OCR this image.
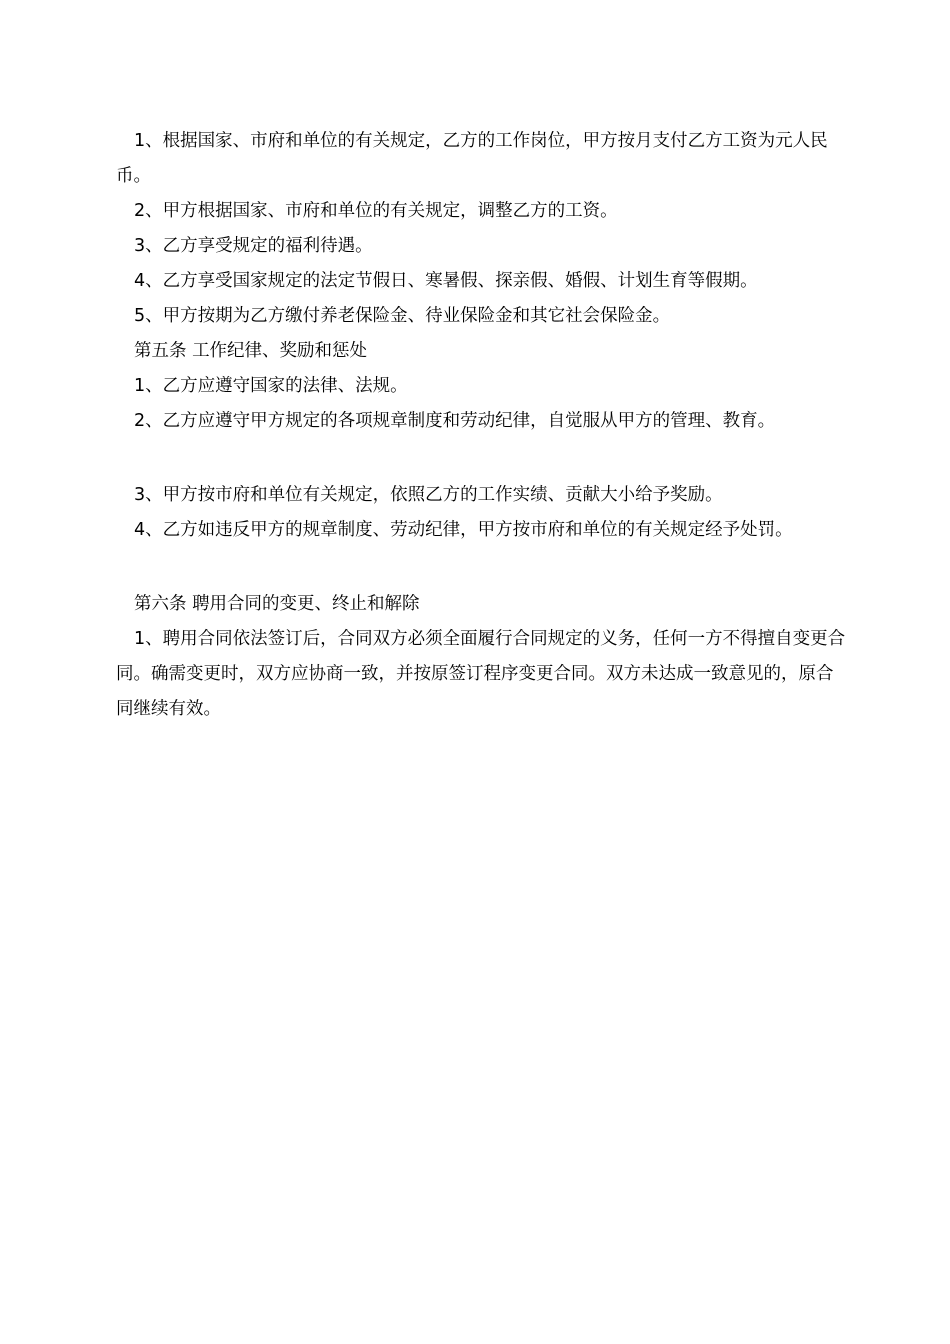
1、根据国家、市府和单位的有关规定，乙方的工作岗位，甲方按月支付乙方工资为元人民币。

2、甲方根据国家、市府和单位的有关规定，调整乙方的工资。

3、乙方享受规定的福利待遇。

4、乙方享受国家规定的法定节假日、寒暑假、探亲假、婚假、计划生育等假期。

5、甲方按期为乙方缴付养老保险金、待业保险金和其它社会保险金。

第五条 工作纪律、奖励和惩处

1、乙方应遵守国家的法律、法规。

2、乙方应遵守甲方规定的各项规章制度和劳动纪律，自觉服从甲方的管理、教育。

3、甲方按市府和单位有关规定，依照乙方的工作实绩、贡献大小给予奖励。

4、乙方如违反甲方的规章制度、劳动纪律，甲方按市府和单位的有关规定经予处罚。

第六条 聘用合同的变更、终止和解除

1、聘用合同依法签订后，合同双方必须全面履行合同规定的义务，任何一方不得擅自变更合同。确需变更时，双方应协商一致，并按原签订程序变更合同。双方未达成一致意见的，原合同继续有效。
